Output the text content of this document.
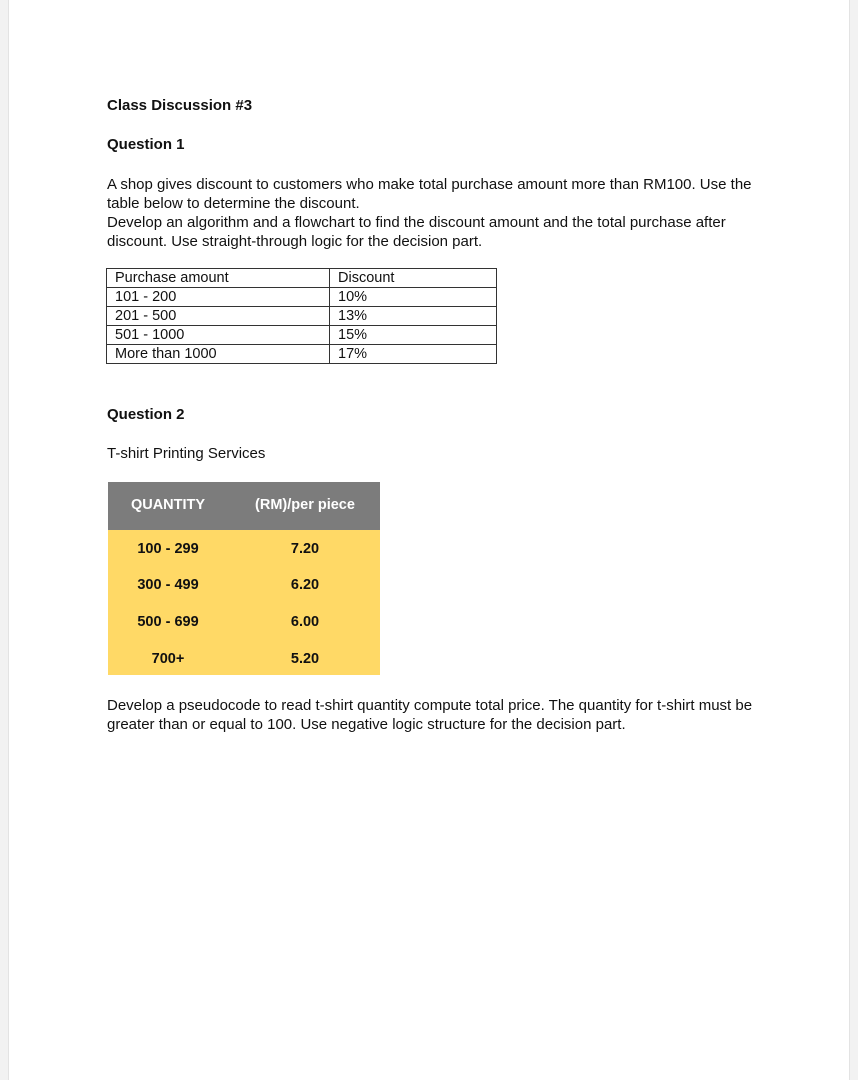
Class Discussion #3
Question 1
A shop gives discount to customers who make total purchase amount more than RM100. Use the table below to determine the discount.
Develop an algorithm and a flowchart to find the discount amount and the total purchase after discount. Use straight-through logic for the decision part.
Purchase amount	Discount
101 - 200	10%
201 - 500	13%
501 - 1000	15%
More than 1000	17%
Question 2
T-shirt Printing Services
QUANTITY	(RM)/per piece
100 - 299	7.20
300 - 499	6.20
500 - 699	6.00
700+	5.20
Develop a pseudocode to read t-shirt quantity compute total price. The quantity for t-shirt must be greater than or equal to 100. Use negative logic structure for the decision part.
